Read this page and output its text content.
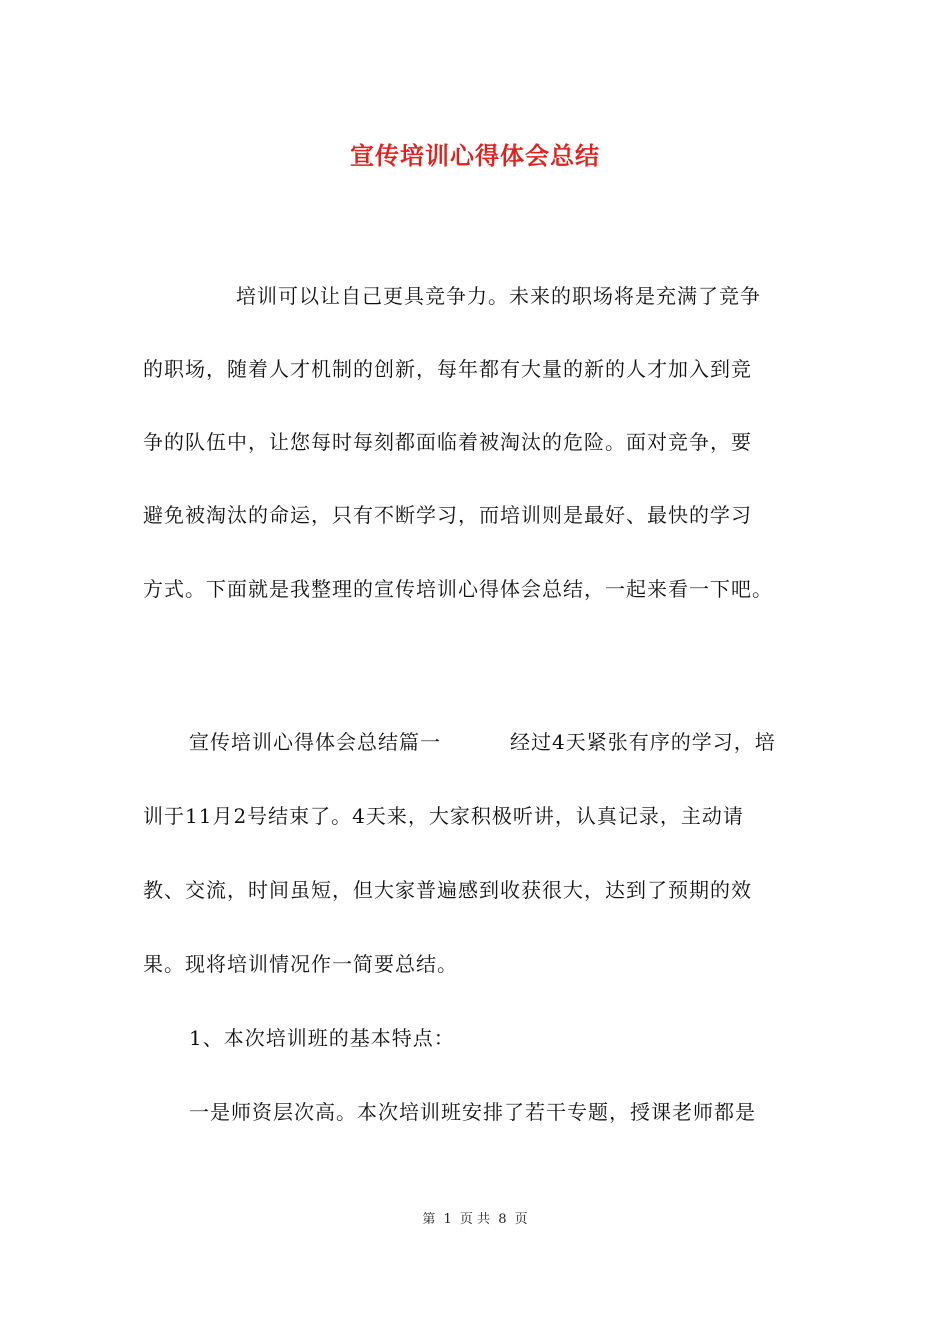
宣传培训心得体会总结
培训可以让自己更具竞争力。未来的职场将是充满了竞争
的职场，随着人才机制的创新，每年都有大量的新的人才加入到竞
争的队伍中，让您每时每刻都面临着被淘汰的危险。面对竞争，要
避免被淘汰的命运，只有不断学习，而培训则是最好、最快的学习
方式。下面就是我整理的宣传培训心得体会总结，一起来看一下吧。
宣传培训心得体会总结篇一	经过4天紧张有序的学习，培
训于11月2号结束了。4天来，大家积极听讲，认真记录，主动请
教、交流，时间虽短，但大家普遍感到收获很大，达到了预期的效
果。现将培训情况作一简要总结。
1、本次培训班的基本特点：
一是师资层次高。本次培训班安排了若干专题，授课老师都是
第 1 页 共 8 页
